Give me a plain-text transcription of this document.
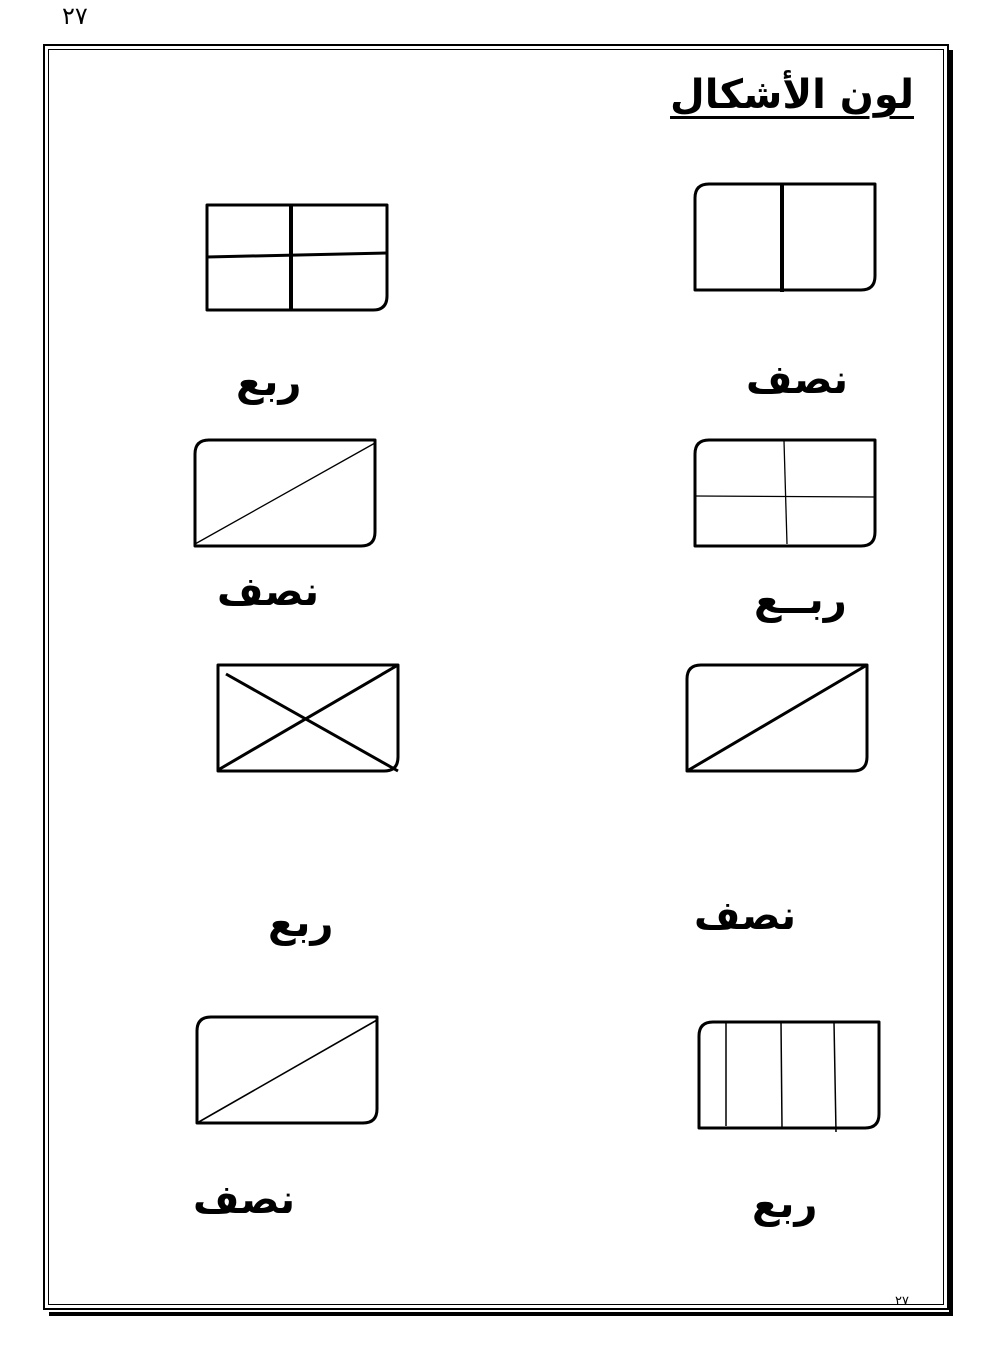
٢٧
لون الأشكال
ربع	نصف
نصف	ربــع
ربع	نصف
نصف	ربع
٢٧
